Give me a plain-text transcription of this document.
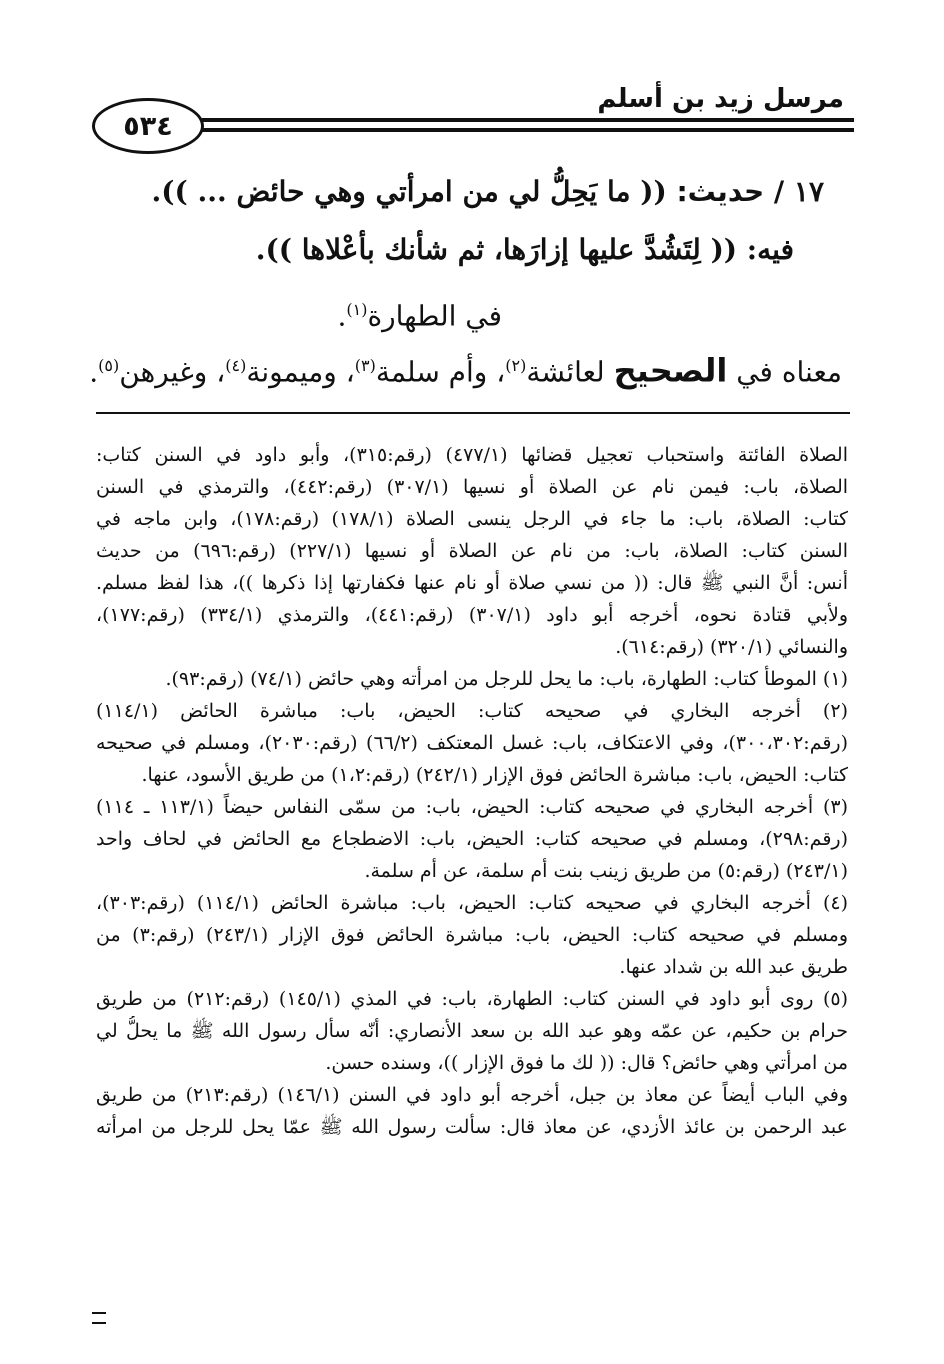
مرسل زيد بن أسلم
٥٣٤
١٧ / حديث: (( ما يَحِلُّ لي من امرأتي وهي حائض ... )).
فيه: (( لِتَشُدَّ عليها إزارَها، ثم شأنك بأعْلاها )).
في الطهارة$^{(١)}$.
معناه في الصحيح لعائشة$^{(٢)}$، وأم سلمة$^{(٣)}$، وميمونة$^{(٤)}$، وغيرهن$^{(٥)}$.
الصلاة الفائتة واستحباب تعجيل قضائها (٤٧٧/١) (رقم:٣١٥)، وأبو داود في السنن كتاب:
الصلاة، باب: فيمن نام عن الصلاة أو نسيها (٣٠٧/١) (رقم:٤٤٢)، والترمذي في السنن
كتاب: الصلاة، باب: ما جاء في الرجل ينسى الصلاة (١٧٨/١) (رقم:١٧٨)، وابن ماجه في
السنن كتاب: الصلاة، باب: من نام عن الصلاة أو نسيها (٢٢٧/١) (رقم:٦٩٦) من حديث
أنس: أنَّ النبي ﷺ قال: (( من نسي صلاة أو نام عنها فكفارتها إذا ذكرها ))، هذا لفظ مسلم.
ولأبي قتادة نحوه، أخرجه أبو داود (٣٠٧/١) (رقم:٤٤١)، والترمذي (٣٣٤/١) (رقم:١٧٧)،
والنسائي (٣٢٠/١) (رقم:٦١٤).
(١) الموطأ كتاب: الطهارة، باب: ما يحل للرجل من امرأته وهي حائض (٧٤/١) (رقم:٩٣).
(٢) أخرجه البخاري في صحيحه كتاب: الحيض، باب: مباشرة الحائض (١١٤/١)
(رقم:٣٠٠،٣٠٢)، وفي الاعتكاف، باب: غسل المعتكف (٦٦/٢) (رقم:٢٠٣٠)، ومسلم في صحيحه
كتاب: الحيض، باب: مباشرة الحائض فوق الإزار (٢٤٢/١) (رقم:١،٢) من طريق الأسود، عنها.
(٣) أخرجه البخاري في صحيحه كتاب: الحيض، باب: من سمّى النفاس حيضاً (١١٣/١ ـ ١١٤)
(رقم:٢٩٨)، ومسلم في صحيحه كتاب: الحيض، باب: الاضطجاع مع الحائض في لحاف واحد
(٢٤٣/١) (رقم:٥) من طريق زينب بنت أم سلمة، عن أم سلمة.
(٤) أخرجه البخاري في صحيحه كتاب: الحيض، باب: مباشرة الحائض (١١٤/١) (رقم:٣٠٣)،
ومسلم في صحيحه كتاب: الحيض، باب: مباشرة الحائض فوق الإزار (٢٤٣/١) (رقم:٣) من
طريق عبد الله بن شداد عنها.
(٥) روى أبو داود في السنن كتاب: الطهارة، باب: في المذي (١٤٥/١) (رقم:٢١٢) من طريق
حرام بن حكيم، عن عمّه وهو عبد الله بن سعد الأنصاري: أنّه سأل رسول الله ﷺ ما يحلُّ لي
من امرأتي وهي حائض؟ قال: (( لك ما فوق الإزار ))، وسنده حسن.
وفي الباب أيضاً عن معاذ بن جبل، أخرجه أبو داود في السنن (١٤٦/١) (رقم:٢١٣) من طريق
عبد الرحمن بن عائذ الأزدي، عن معاذ قال: سألت رسول الله ﷺ عمّا يحل للرجل من امرأته
